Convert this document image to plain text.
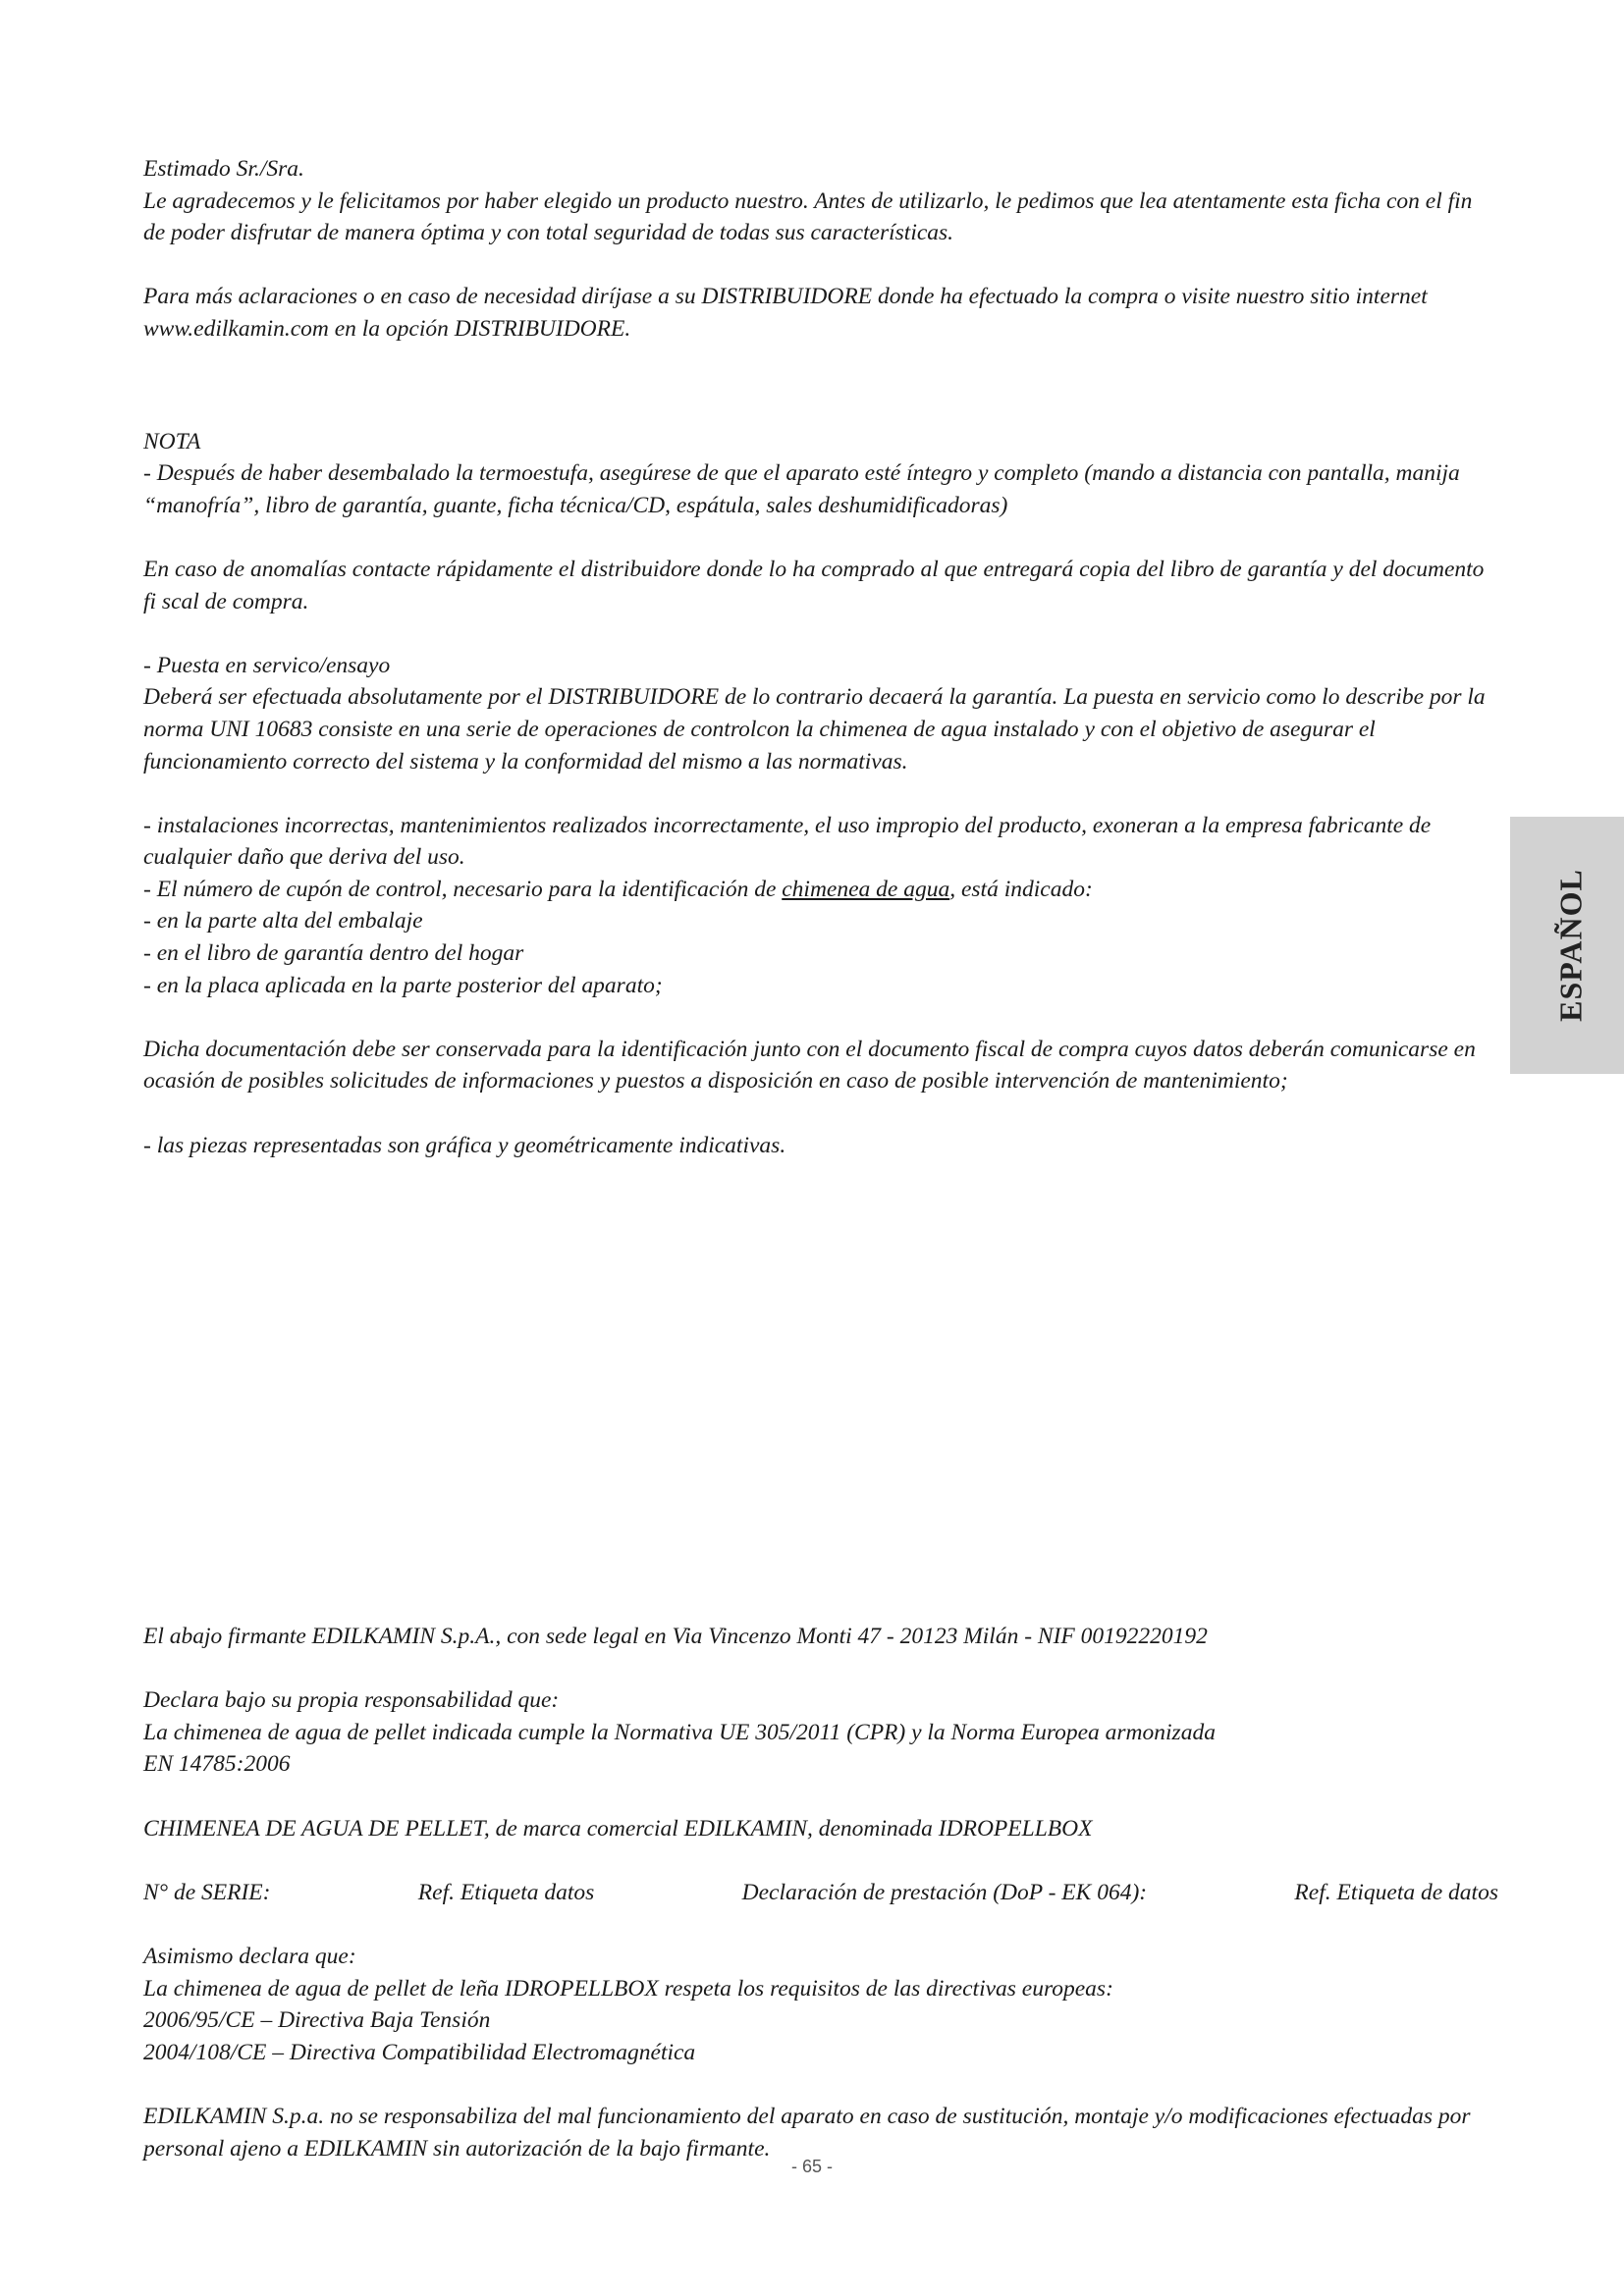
Estimado Sr./Sra.

Le agradecemos y le felicitamos por haber elegido un producto nuestro. Antes de utilizarlo, le pedimos que lea atentamente esta ficha con el fin de poder disfrutar de manera óptima y con total seguridad de todas sus características.

Para más aclaraciones o en caso de necesidad diríjase a su DISTRIBUIDORE donde ha efectuado la compra o visite nuestro sitio internet www.edilkamin.com en la opción DISTRIBUIDORE.

NOTA

- Después de haber desembalado la termoestufa, asegúrese de que el aparato esté íntegro y completo (mando a distancia con pantalla, manija “manofría”, libro de garantía, guante, ficha técnica/CD, espátula, sales deshumidificadoras)

En caso de anomalías contacte rápidamente el distribuidore donde lo ha comprado al que entregará copia del libro de garantía y del documento fi scal de compra.

- Puesta en servico/ensayo

Deberá ser efectuada absolutamente por el DISTRIBUIDORE de lo contrario decaerá la garantía. La puesta en servicio como lo describe por la norma UNI 10683 consiste en una serie de operaciones de controlcon la chimenea de agua instalado y con el objetivo de asegurar el funcionamiento correcto del sistema y la conformidad del mismo a las normativas.

- instalaciones incorrectas, mantenimientos realizados incorrectamente, el uso impropio del producto, exoneran a la empresa fabricante de cualquier daño que deriva del uso.

- El número de cupón de control, necesario para la identificación de chimenea de agua, está indicado:

- en la parte alta del embalaje

- en el libro de garantía dentro del hogar

- en la placa aplicada en la parte posterior del aparato;

Dicha documentación debe ser conservada para la identificación junto con el documento fiscal de compra cuyos datos deberán comunicarse en ocasión de posibles solicitudes de informaciones y puestos a disposición en caso de posible intervención de mantenimiento;

- las piezas representadas son gráfica y geométricamente indicativas.

ESPAÑOL

El abajo firmante EDILKAMIN S.p.A., con sede legal en Via Vincenzo Monti 47 - 20123 Milán - NIF 00192220192

Declara bajo su propia responsabilidad que:

La chimenea de agua de pellet indicada cumple la Normativa UE 305/2011 (CPR) y la Norma Europea armonizada

EN 14785:2006

CHIMENEA DE AGUA DE PELLET, de marca comercial EDILKAMIN, denominada IDROPELLBOX

N° de SERIE:	Ref. Etiqueta datos	Declaración de prestación (DoP - EK 064):	Ref. Etiqueta de datos

Asimismo declara que:

La chimenea de agua de pellet de leña IDROPELLBOX respeta los requisitos de las directivas europeas:

2006/95/CE – Directiva Baja Tensión

2004/108/CE – Directiva Compatibilidad Electromagnética

EDILKAMIN S.p.a. no se responsabiliza del mal funcionamiento del aparato en caso de sustitución, montaje y/o modificaciones efectuadas por personal ajeno a EDILKAMIN sin autorización de la bajo firmante.

- 65 -
